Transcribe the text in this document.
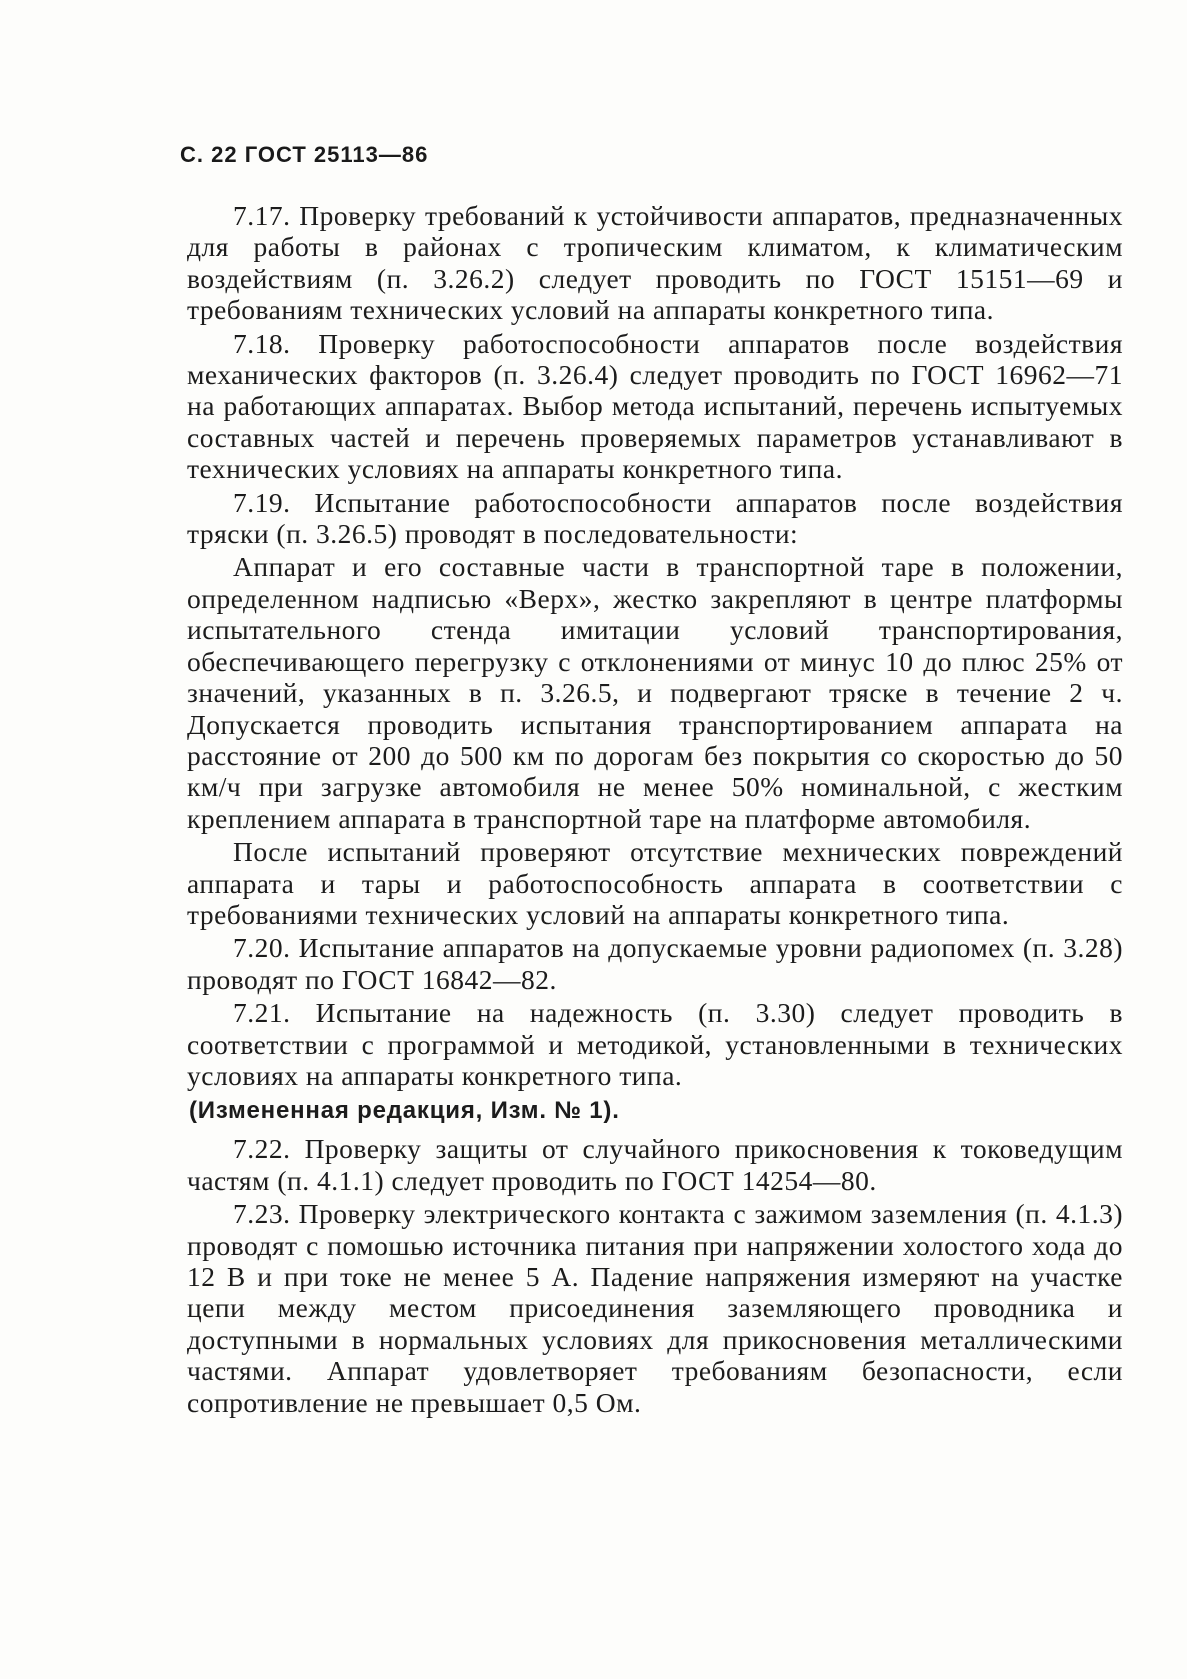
С. 22 ГОСТ 25113—86

7.17. Проверку требований к устойчивости аппаратов, предназначенных для работы в районах с тропическим климатом, к климатическим воздействиям (п. 3.26.2) следует проводить по ГОСТ 15151—69 и требованиям технических условий на аппараты конкретного типа.

7.18. Проверку работоспособности аппаратов после воздействия механических факторов (п. 3.26.4) следует проводить по ГОСТ 16962—71 на работающих аппаратах. Выбор метода испытаний, перечень испытуемых составных частей и перечень проверяемых параметров устанавливают в технических условиях на аппараты конкретного типа.

7.19. Испытание работоспособности аппаратов после воздействия тряски (п. 3.26.5) проводят в последовательности:

Аппарат и его составные части в транспортной таре в положении, определенном надписью «Верх», жестко закрепляют в центре платформы испытательного стенда имитации условий транспортирования, обеспечивающего перегрузку с отклонениями от минус 10 до плюс 25% от значений, указанных в п. 3.26.5, и подвергают тряске в течение 2 ч. Допускается проводить испытания транспортированием аппарата на расстояние от 200 до 500 км по дорогам без покрытия со скоростью до 50 км/ч при загрузке автомобиля не менее 50% номинальной, с жестким креплением аппарата в транспортной таре на платформе автомобиля.

После испытаний проверяют отсутствие мехнических повреждений аппарата и тары и работоспособность аппарата в соответствии с требованиями технических условий на аппараты конкретного типа.

7.20. Испытание аппаратов на допускаемые уровни радиопомех (п. 3.28) проводят по ГОСТ 16842—82.

7.21. Испытание на надежность (п. 3.30) следует проводить в соответствии с программой и методикой, установленными в технических условиях на аппараты конкретного типа.

(Измененная редакция, Изм. № 1).

7.22. Проверку защиты от случайного прикосновения к токоведущим частям (п. 4.1.1) следует проводить по ГОСТ 14254—80.

7.23. Проверку электрического контакта с зажимом заземления (п. 4.1.3) проводят с помошью источника питания при напряжении холостого хода до 12 В и при токе не менее 5 А. Падение напряжения измеряют на участке цепи между местом присоединения заземляющего проводника и доступными в нормальных условиях для прикосновения металлическими частями. Аппарат удовлетворяет требованиям безопасности, если сопротивление не превышает 0,5 Ом.
